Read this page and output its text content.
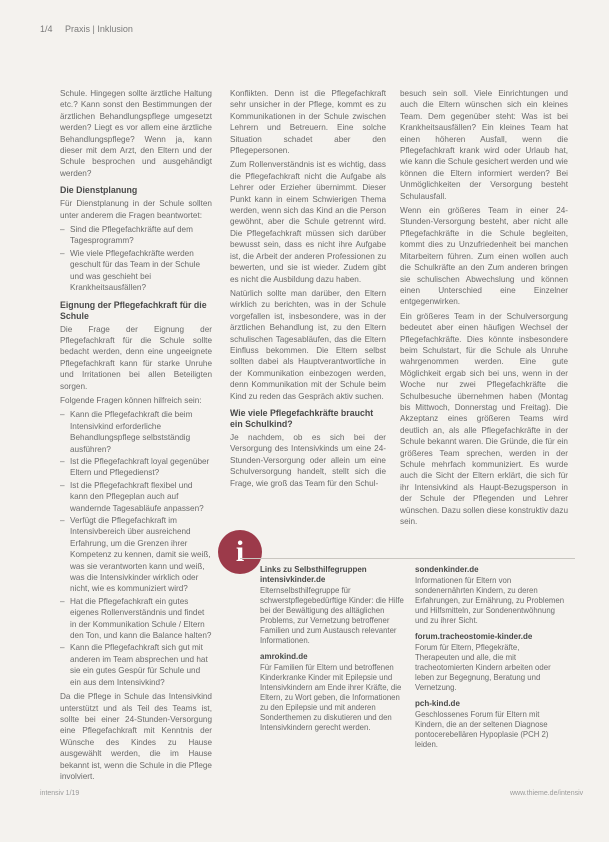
1/4 Praxis | Inklusion

Schule. Hingegen sollte ärztliche Haltung etc.? Kann sonst den Bestimmungen der ärztlichen Behandlungspflege umgesetzt werden? Liegt es vor allem eine ärztliche Behandlungspflege? Wenn ja, kann dieser mit dem Arzt, den Eltern und der Schule besprochen und ausgehändigt werden?

Die Dienstplanung

Für Dienstplanung in der Schule sollten unter anderem die Fragen beantwortet:

– Sind die Pflegefachkräfte auf dem Tagesprogramm?
– Wie viele Pflegefachkräfte werden geschult für das Team in der Schule und was geschieht bei Krankheitsausfällen?
Eignung der Pflegefachkraft für die Schule

Die Frage der Eignung der Pflegefachkraft für die Schule sollte bedacht werden, denn eine ungeeignete Pflegefachkraft kann für starke Unruhe und Irritationen bei allen Beteiligten sorgen.

Folgende Fragen können hilfreich sein:

– Kann die Pflegefachkraft die beim Intensivkind erforderliche Behandlungspflege selbstständig ausführen?
– Ist die Pflegefachkraft loyal gegenüber Eltern und Pflegedienst?
– Ist die Pflegefachkraft flexibel und kann den Pflegeplan auch auf wandernde Tagesabläufe anpassen?
– Verfügt die Pflegefachkraft im Intensivbereich über ausreichend Erfahrung, um die Grenzen ihrer Kompetenz zu kennen, damit sie weiß, was sie verantworten kann und weiß, was die Intensivkinder wirklich oder nicht, wie es kommuniziert wird?
– Hat die Pflegefachkraft ein gutes eigenes Rollenverständnis und findet in der Kommunikation Schule / Eltern den Ton, und kann die Balance halten?
– Kann die Pflegefachkraft sich gut mit anderen im Team absprechen und hat sie ein gutes Gespür für Schule und ein aus dem Intensivkind?

Da die Pflege in Schule das Intensivkind unterstützt und als Teil des Teams ist, sollte bei einer 24-Stunden-Versorgung eine Pflegefachkraft mit Kenntnis der Wünsche des Kindes zu Hause ausgewählt werden, die im Hause bekannt ist, wenn die Schule in die Pflege involviert.

Konflikten. Denn ist die Pflegefachkraft sehr unsicher in der Pflege, kommt es zu Kommunikationen in der Schule zwischen Lehrern und Betreuern. Eine solche Situation schadet aber den Pflegepersonen.

Zum Rollenverständnis ist es wichtig, dass die Pflegefachkraft nicht die Aufgabe als Lehrer oder Erzieher übernimmt. Dieser Punkt kann in einem Schwierigen Thema werden, wenn sich das Kind an die Person gewöhnt, aber die Schule getrennt wird. Die Pflegefachkraft müssen sich darüber bewusst sein, dass es nicht ihre Aufgabe ist, die Arbeit der anderen Professionen zu bewerten, und sie ist wieder. Zudem gibt es nicht die Ausbildung dazu haben.

Natürlich sollte man darüber, den Eltern wirklich zu berichten, was in der Schule vorgefallen ist, insbesondere, was in der ärztlichen Behandlung ist, zu den Eltern schulischen Tagesabläufen, das die Eltern Einfluss bekommen. Die Eltern selbst sollten dabei als Hauptverantwortliche in der Kommunikation einbezogen werden, denn Kommunikation mit der Schule beim Kind zu reden das Gespräch aktiv suchen.

Wie viele Pflegefachkräfte braucht ein Schulkind?

Je nachdem, ob es sich bei der Versorgung des Intensivkinds um eine 24-Stunden-Versorgung oder allein um eine Schulversorgung handelt, stellt sich die Frage, wie groß das Team für den Schul-

besuch sein soll. Viele Einrichtungen und auch die Eltern wünschen sich ein kleines Team. Dem gegenüber steht: Was ist bei Krankheitsausfällen? Ein kleines Team hat einen höheren Ausfall, wenn die Pflegefachkraft krank wird oder Urlaub hat, wie kann die Schule gesichert werden und wie können die Eltern informiert werden? Bei Unmöglichkeiten der Versorgung besteht Schulausfall.

Wenn ein größeres Team in einer 24-Stunden-Versorgung besteht, aber nicht alle Pflegefachkräfte in die Schule begleiten, kommt dies zu Unzufriedenheit bei manchen Mitarbeitern führen. Zum einen wollen auch die Schulkräfte an den Zum anderen bringen sie schulischen Abwechslung und können einen Unterschied eine Einzelner entgegenwirken.

Ein größeres Team in der Schulversorgung bedeutet aber einen häufigen Wechsel der Pflegefachkräfte. Dies könnte insbesondere beim Schulstart, für die Schule als Unruhe wahrgenommen werden. Eine gute Möglichkeit ergab sich bei uns, wenn in der Woche nur zwei Pflegefachkräfte die Schulbesuche übernehmen haben (Montag bis Mittwoch, Donnerstag und Freitag). Die Akzeptanz eines größeren Teams wird deutlich an, als alle Pflegefachkräfte in der Schule bekannt waren. Die Gründe, die für ein größeres Team sprechen, werden in der Schule mehrfach kommuniziert. Es wurde auch die Sicht der Eltern erklärt, die sich für ihr Intensivkind als Haupt-Bezugsperson in der Schule der Pflegenden und Lehrer wünschen. Dazu sollen diese konstruktiv dazu sein.

i
Links zu Selbsthilfegruppen intensivkinder.de

Elternselbsthilfegruppe für schwerstpflegebedürftige Kinder: die Hilfe bei der Bewältigung des alltäglichen Problems, zur Vernetzung betroffener Familien und zum Austausch relevanter Informationen.

amrokind.de

Für Familien für Eltern und betroffenen Kinderkranke Kinder mit Epilepsie und Intensivkindern am Ende ihrer Kräfte, die Eltern, zu Wort geben, die Informationen zu den Epilepsie und mit anderen Sonderthemen zu diskutieren und den Intensivkindern gerecht werden.

sondenkinder.de

Informationen für Eltern von sondenernährten Kindern, zu deren Erfahrungen, zur Ernährung, zu Problemen und Hilfsmitteln, zur Sondenentwöhnung und zu ihrer Sicht.

forum.tracheostomie-kinder.de

Forum für Eltern, Pflegekräfte, Therapeuten und alle, die mit tracheotomierten Kindern arbeiten oder leben zur Begegnung, Beratung und Vernetzung.

pch-kind.de

Geschlossenes Forum für Eltern mit Kindern, die an der seltenen Diagnose pontocerebellären Hypoplasie (PCH 2) leiden.

intensiv 1/19	www.thieme.de/intensiv
